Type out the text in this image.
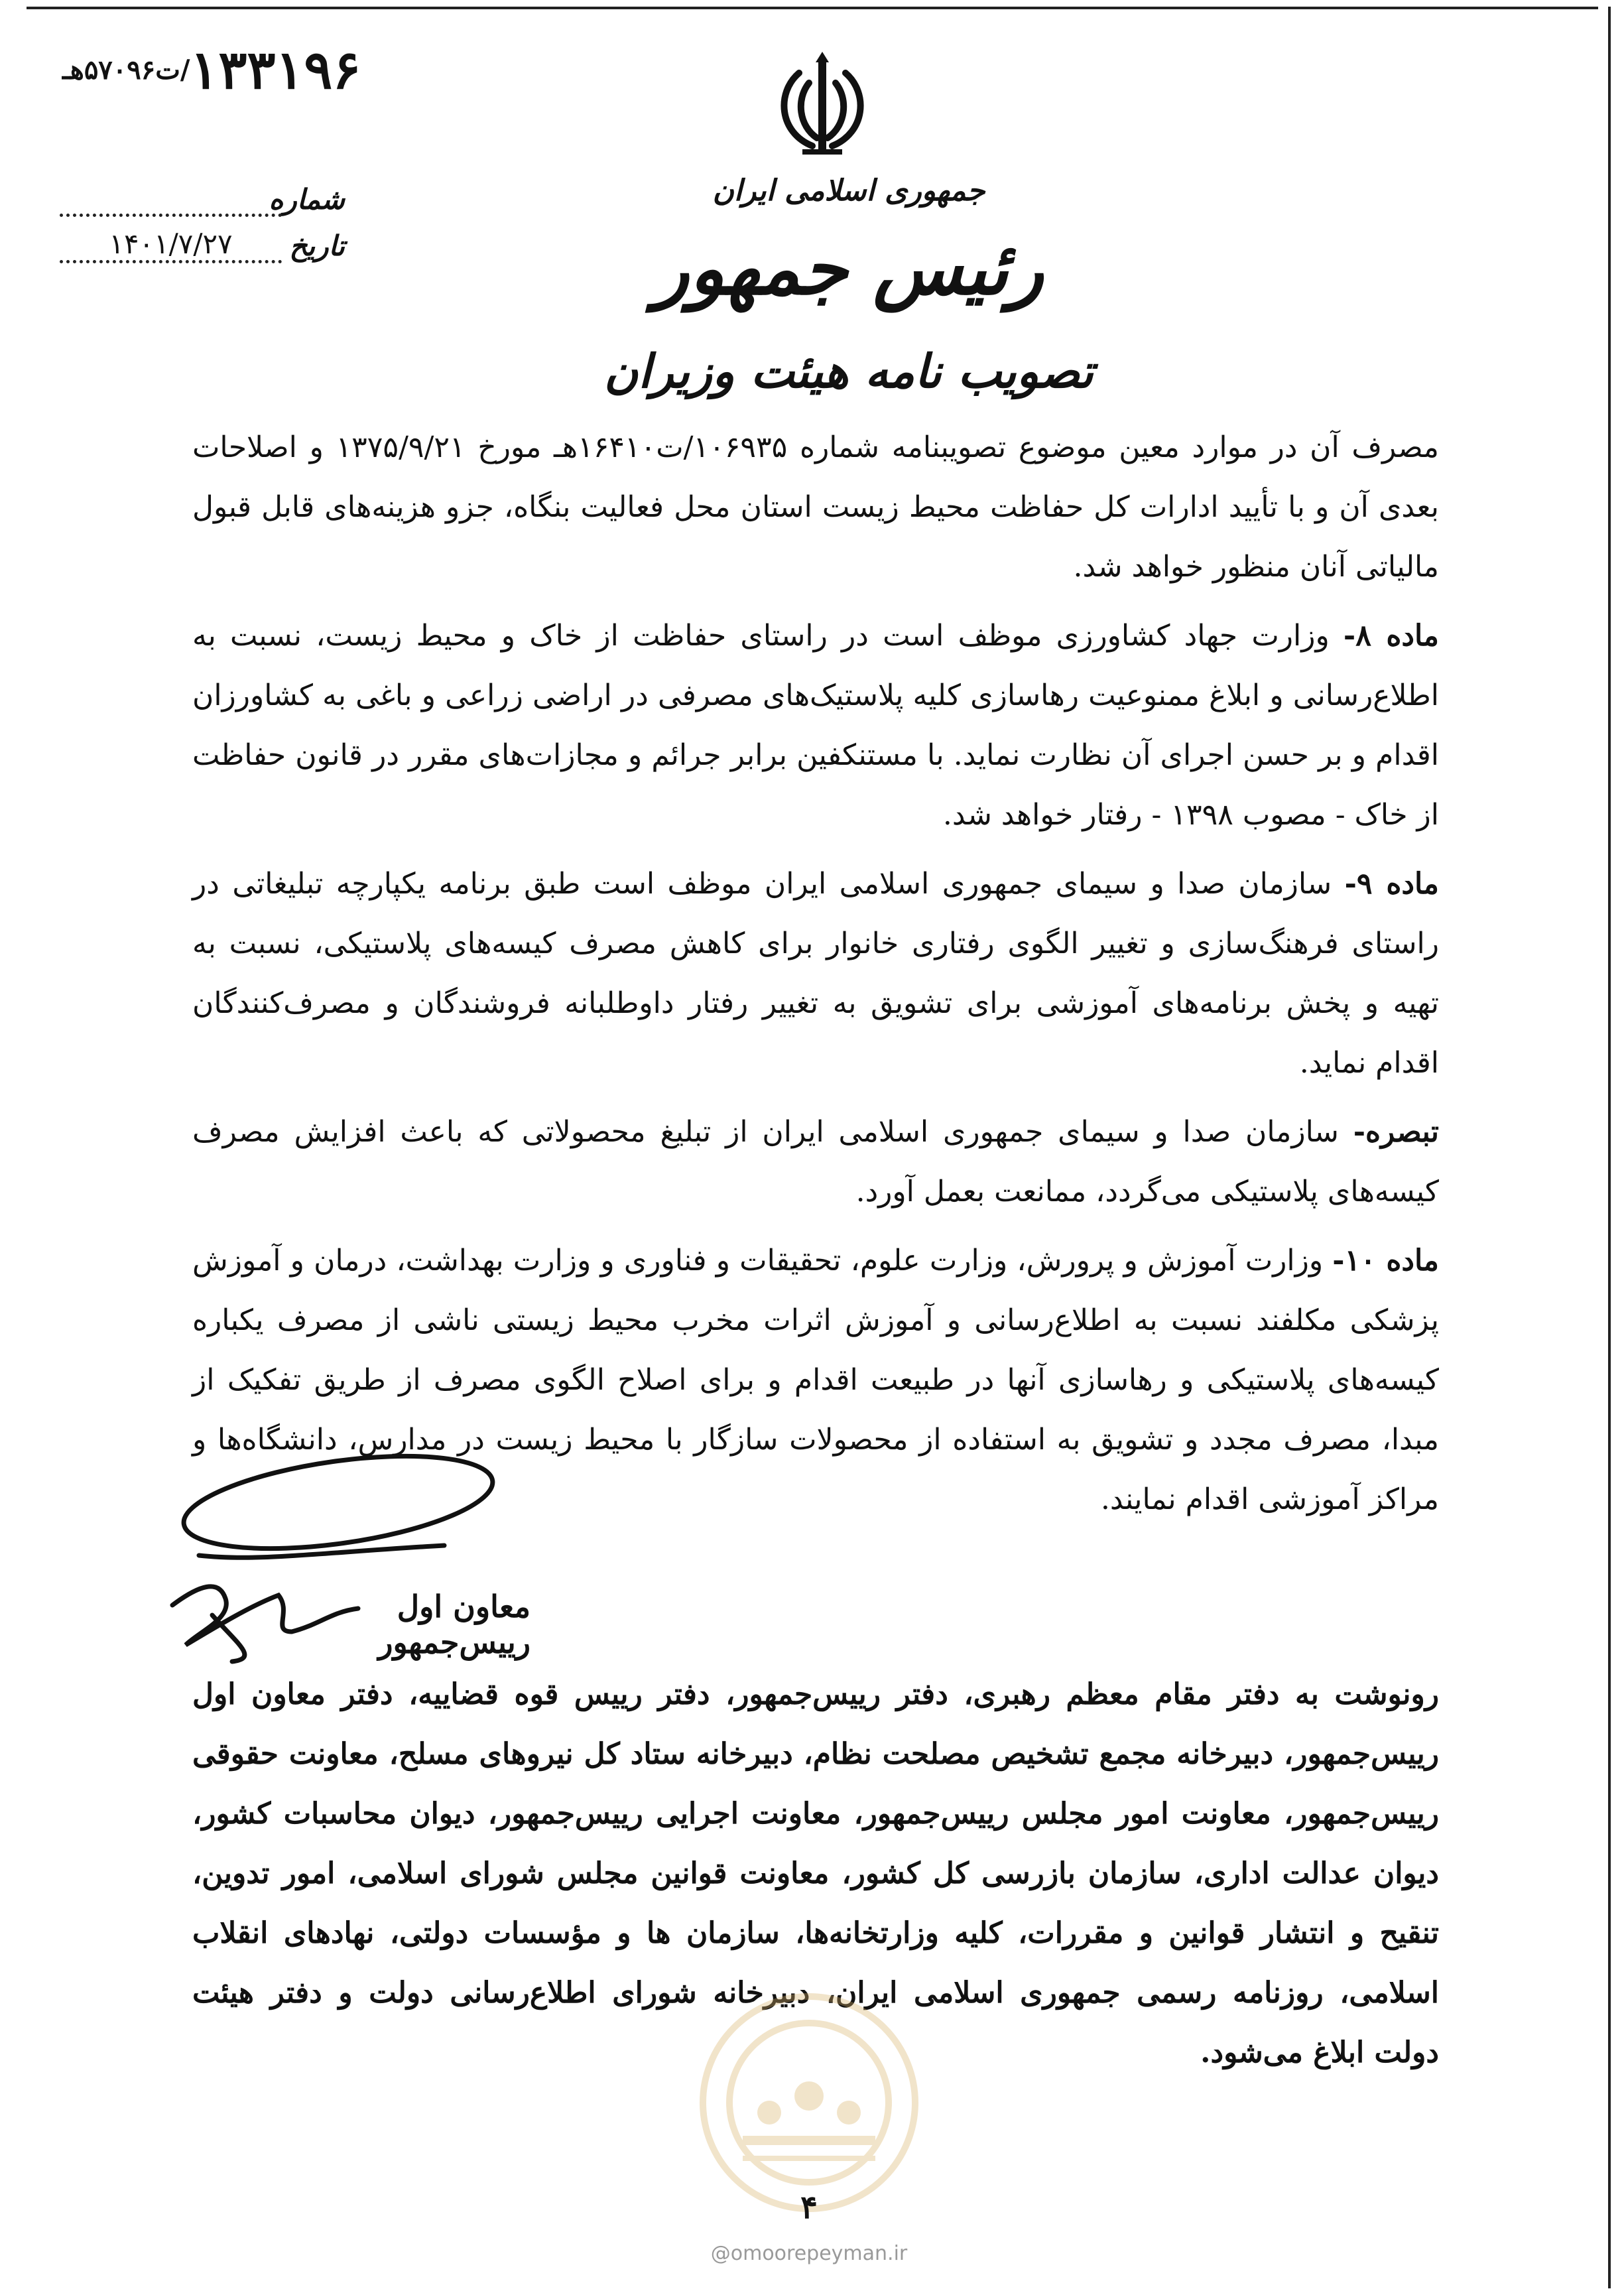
۱۳۳۱۹۶
/ت۵۷۰۹۶هـ
شماره
تاریخ
۱۴۰۱/۷/۲۷
جمهوری اسلامی ایران
رئیس جمهور
تصویب نامه هیئت وزیران

مصرف آن در موارد معین موضوع تصویبنامه شماره ۱۰۶۹۳۵/ت۱۶۴۱۰هـ مورخ ۱۳۷۵/۹/۲۱ و اصلاحات بعدی آن و با تأیید ادارات کل حفاظت محیط زیست استان محل فعالیت بنگاه، جزو هزینه‌های قابل قبول مالیاتی آنان منظور خواهد شد.

ماده ۸- وزارت جهاد کشاورزی موظف است در راستای حفاظت از خاک و محیط زیست، نسبت به اطلاع‌رسانی و ابلاغ ممنوعیت رهاسازی کلیه پلاستیک‌های مصرفی در اراضی زراعی و باغی به کشاورزان اقدام و بر حسن اجرای آن نظارت نماید. با مستنکفین برابر جرائم و مجازات‌های مقرر در قانون حفاظت از خاک - مصوب ۱۳۹۸ - رفتار خواهد شد.

ماده ۹- سازمان صدا و سیمای جمهوری اسلامی ایران موظف است طبق برنامه یکپارچه تبلیغاتی در راستای فرهنگ‌سازی و تغییر الگوی رفتاری خانوار برای کاهش مصرف کیسه‌های پلاستیکی، نسبت به تهیه و پخش برنامه‌های آموزشی برای تشویق به تغییر رفتار داوطلبانه فروشندگان و مصرف‌کنندگان اقدام نماید.

تبصره- سازمان صدا و سیمای جمهوری اسلامی ایران از تبلیغ محصولاتی که باعث افزایش مصرف کیسه‌های پلاستیکی می‌گردد، ممانعت بعمل آورد.

ماده ۱۰- وزارت آموزش و پرورش، وزارت علوم، تحقیقات و فناوری و وزارت بهداشت، درمان و آموزش پزشکی مکلفند نسبت به اطلاع‌رسانی و آموزش اثرات مخرب محیط زیستی ناشی از مصرف یکباره کیسه‌های پلاستیکی و رهاسازی آنها در طبیعت اقدام و برای اصلاح الگوی مصرف از طریق تفکیک از مبدا، مصرف مجدد و تشویق به استفاده از محصولات سازگار با محیط زیست در مدارس، دانشگاه‌ها و مراکز آموزشی اقدام نمایند.

معاون اول رییس‌جمهور
رونوشت به دفتر مقام معظم رهبری، دفتر رییس‌جمهور، دفتر رییس قوه قضاییه، دفتر معاون اول رییس‌جمهور، دبیرخانه مجمع تشخیص مصلحت نظام، دبیرخانه ستاد کل نیروهای مسلح، معاونت حقوقی رییس‌جمهور، معاونت امور مجلس رییس‌جمهور، معاونت اجرایی رییس‌جمهور، دیوان محاسبات کشور، دیوان عدالت اداری، سازمان بازرسی کل کشور، معاونت قوانین مجلس شورای اسلامی، امور تدوین، تنقیح و انتشار قوانین و مقررات، کلیه وزارتخانه‌ها، سازمان ها و مؤسسات دولتی، نهادهای انقلاب اسلامی، روزنامه رسمی جمهوری اسلامی ایران، دبیرخانه شورای اطلاع‌رسانی دولت و دفتر هیئت دولت ابلاغ می‌شود.
۴
@omoorepeyman.ir
